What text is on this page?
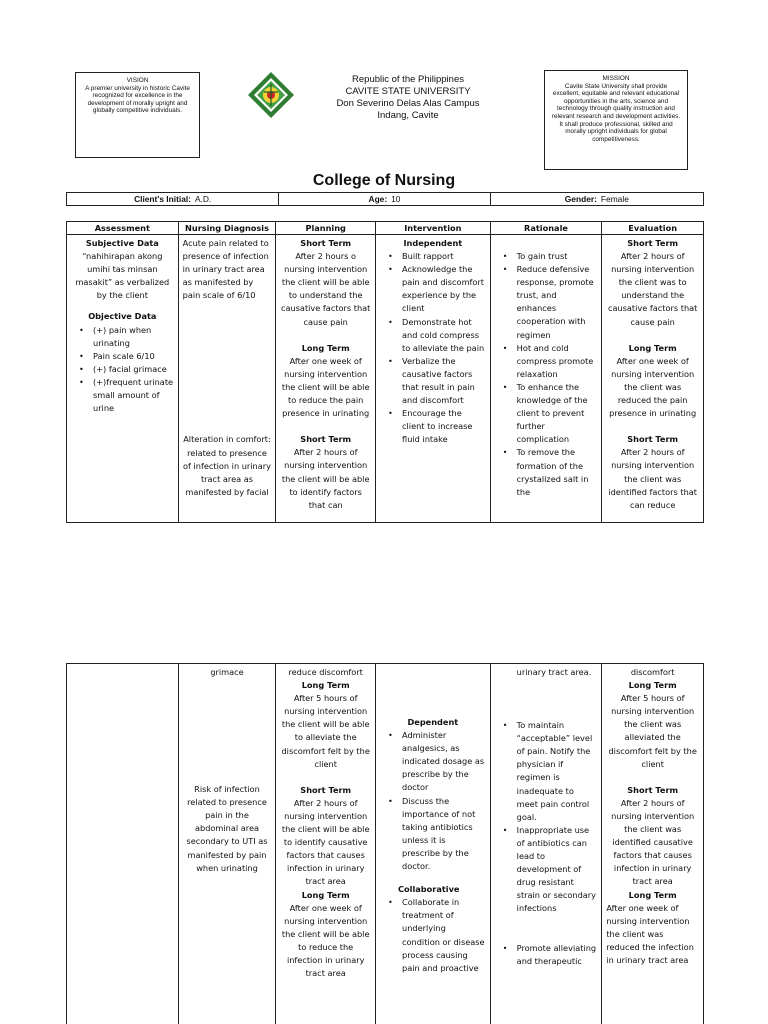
VISION
A premier university in historic Cavite recognized for excellence in the development of morally upright and globally competitive individuals.
Republic of the Philippines
CAVITE STATE UNIVERSITY
Don Severino Delas Alas Campus
Indang, Cavite
MISSION
Cavite State University shall provide excellent, equitable and relevant educational opportunities in the arts, science and technology through quality instruction and relevant research and development activities. It shall produce professional, skilled and morally upright individuals for global competitiveness.
College of Nursing
Client's Initial: A.D.	Age: 10	Gender: Female
Assessment
Subjective Data
“nahihirapan akong umihi tas minsan masakit” as verbalized by the client
Objective Data
• (+) pain when urinating
• Pain scale 6/10
• (+) facial grimace
• (+)frequent urinate small amount of urine
Nursing Diagnosis
Acute pain related to presence of infection in urinary tract area as manifested by pain scale of 6/10
Alteration in comfort: related to presence of infection in urinary tract area as manifested by facial
Planning
Short Term
After 2 hours o nursing intervention the client will be able to understand the causative factors that cause pain
Long Term
After one week of nursing intervention the client will be able to reduce the pain presence in urinating
Short Term
After 2 hours of nursing intervention the client will be able to identify factors that can
Intervention
Independent
• Built rapport
• Acknowledge the pain and discomfort experience by the client
• Demonstrate hot and cold compress to alleviate the pain
• Verbalize the causative factors that result in pain and discomfort
• Encourage the client to increase fluid intake
Rationale
• To gain trust
• Reduce defensive response, promote trust, and enhances cooperation with regimen
• Hot and cold compress promote relaxation
• To enhance the knowledge of the client to prevent further complication
• To remove the formation of the crystalized salt in the
Evaluation
Short Term
After 2 hours of nursing intervention the client was to understand the causative factors that cause pain
Long Term
After one week of nursing intervention the client was reduced the pain presence in urinating
Short Term
After 2 hours of nursing intervention the client was identified factors that can reduce
grimace
Risk of infection related to presence pain in the abdominal area secondary to UTI as manifested by pain when urinating
reduce discomfort
Long Term
After 5 hours of nursing intervention the client will be able to alleviate the discomfort felt by the client
Short Term
After 2 hours of nursing intervention the client will be able to identify causative factors that causes infection in urinary tract area
Long Term
After one week of nursing intervention the client will be able to reduce the infection in urinary tract area
Dependent
• Administer analgesics, as indicated dosage as prescribe by the doctor
• Discuss the importance of not taking antibiotics unless it is prescribe by the doctor.
Collaborative
• Collaborate in treatment of underlying condition or disease process causing pain and proactive
urinary tract area.
• To maintain “acceptable” level of pain. Notify the physician if regimen is inadequate to meet pain control goal.
• Inappropriate use of antibiotics can lead to development of drug resistant strain or secondary infections
• Promote alleviating and therapeutic
discomfort
Long Term
After 5 hours of nursing intervention the client was alleviated the discomfort felt by the client
Short Term
After 2 hours of nursing intervention the client was identified causative factors that causes infection in urinary tract area
Long Term
After one week of nursing intervention the client was reduced the infection in urinary tract area
